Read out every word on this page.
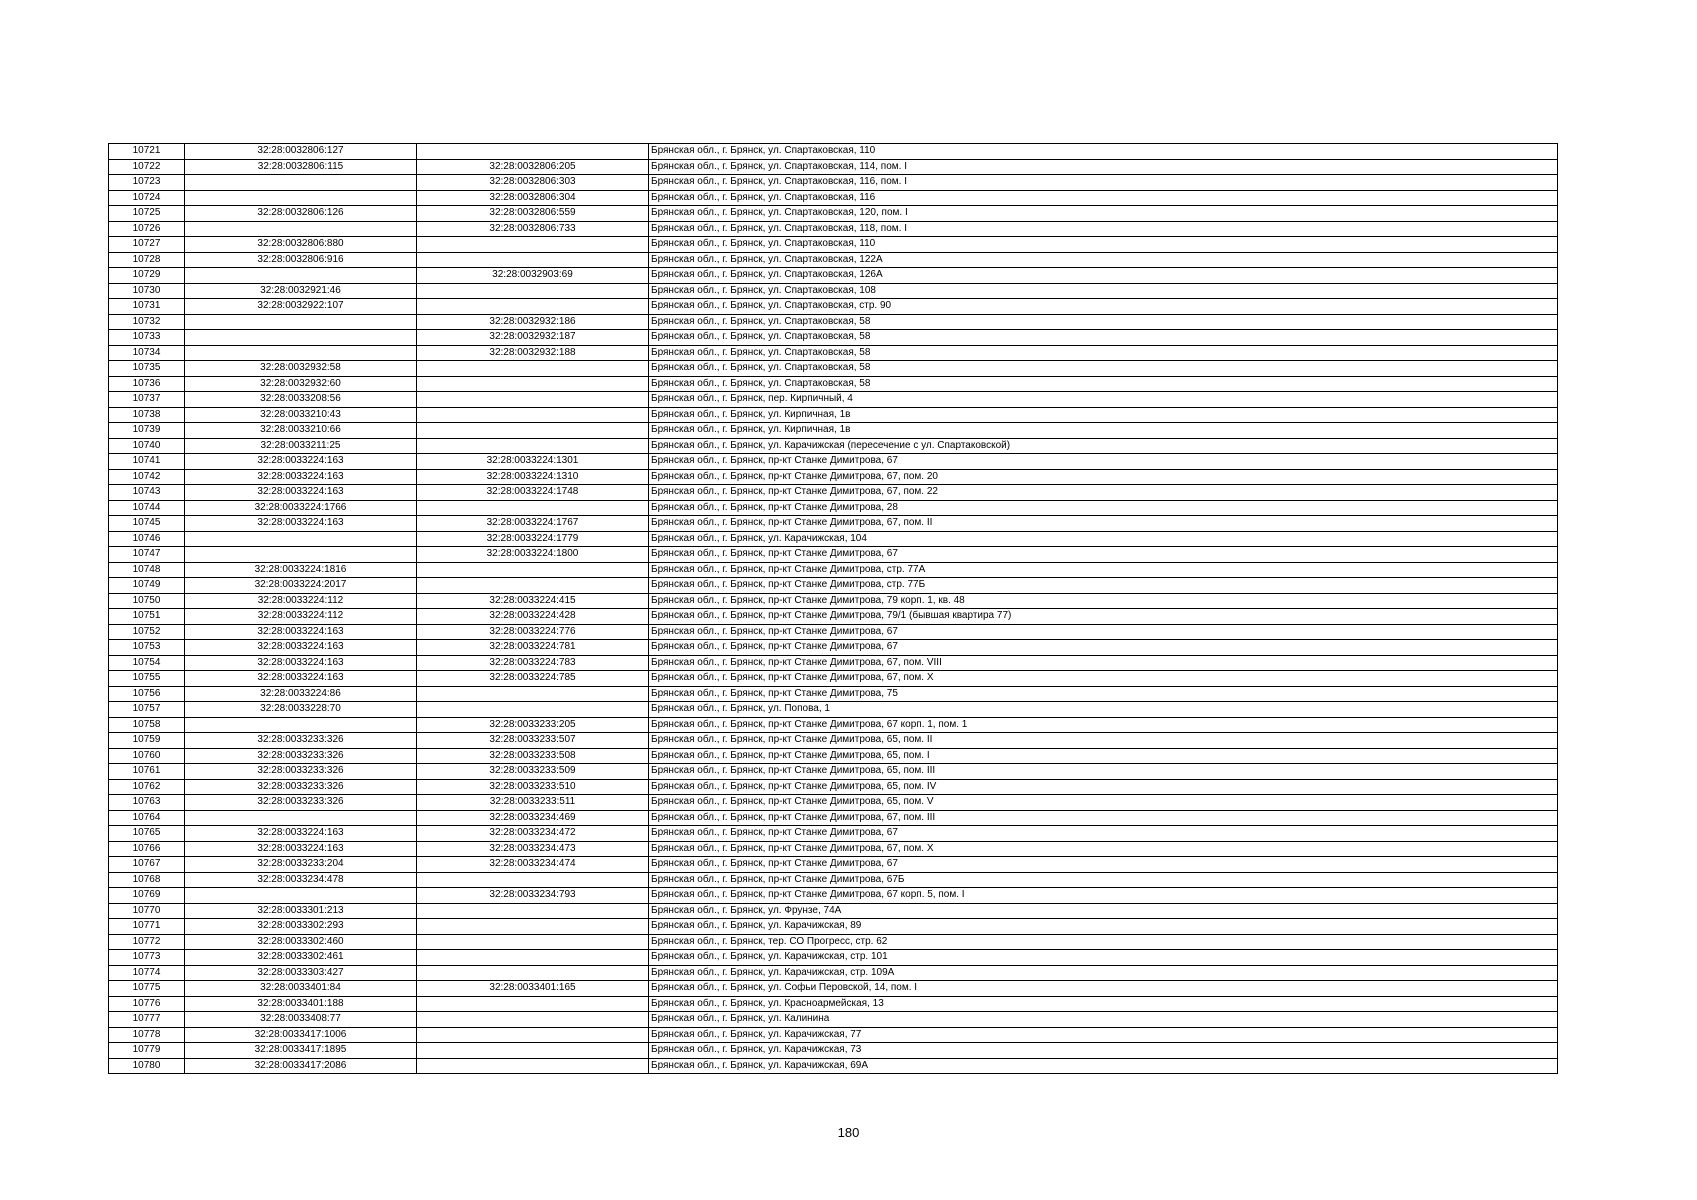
10721	32:28:0032806:127		Брянская обл., г. Брянск, ул. Спартаковская, 110
10722	32:28:0032806:115	32:28:0032806:205	Брянская обл., г. Брянск, ул. Спартаковская, 114, пом. I
10723		32:28:0032806:303	Брянская обл., г. Брянск, ул. Спартаковская, 116, пом. I
10724		32:28:0032806:304	Брянская обл., г. Брянск, ул. Спартаковская, 116
10725	32:28:0032806:126	32:28:0032806:559	Брянская обл., г. Брянск, ул. Спартаковская, 120, пом. I
10726		32:28:0032806:733	Брянская обл., г. Брянск, ул. Спартаковская, 118, пом. I
10727	32:28:0032806:880		Брянская обл., г. Брянск, ул. Спартаковская, 110
10728	32:28:0032806:916		Брянская обл., г. Брянск, ул. Спартаковская, 122А
10729		32:28:0032903:69	Брянская обл., г. Брянск, ул. Спартаковская, 126А
10730	32:28:0032921:46		Брянская обл., г. Брянск, ул. Спартаковская, 108
10731	32:28:0032922:107		Брянская обл., г. Брянск, ул. Спартаковская, стр. 90
10732		32:28:0032932:186	Брянская обл., г. Брянск, ул. Спартаковская, 58
10733		32:28:0032932:187	Брянская обл., г. Брянск, ул. Спартаковская, 58
10734		32:28:0032932:188	Брянская обл., г. Брянск, ул. Спартаковская, 58
10735	32:28:0032932:58		Брянская обл., г. Брянск, ул. Спартаковская, 58
10736	32:28:0032932:60		Брянская обл., г. Брянск, ул. Спартаковская, 58
10737	32:28:0033208:56		Брянская обл., г. Брянск, пер. Кирпичный, 4
10738	32:28:0033210:43		Брянская обл., г. Брянск, ул. Кирпичная, 1в
10739	32:28:0033210:66		Брянская обл., г. Брянск, ул. Кирпичная, 1в
10740	32:28:0033211:25		Брянская обл., г. Брянск, ул. Карачижская (пересечение с ул. Спартаковской)
10741	32:28:0033224:163	32:28:0033224:1301	Брянская обл., г. Брянск, пр-кт Станке Димитрова, 67
10742	32:28:0033224:163	32:28:0033224:1310	Брянская обл., г. Брянск, пр-кт Станке Димитрова, 67, пом. 20
10743	32:28:0033224:163	32:28:0033224:1748	Брянская обл., г. Брянск, пр-кт Станке Димитрова, 67, пом. 22
10744	32:28:0033224:1766		Брянская обл., г. Брянск, пр-кт Станке Димитрова, 28
10745	32:28:0033224:163	32:28:0033224:1767	Брянская обл., г. Брянск, пр-кт Станке Димитрова, 67, пом. II
10746		32:28:0033224:1779	Брянская обл., г. Брянск, ул. Карачижская, 104
10747		32:28:0033224:1800	Брянская обл., г. Брянск, пр-кт Станке Димитрова, 67
10748	32:28:0033224:1816		Брянская обл., г. Брянск, пр-кт Станке Димитрова, стр. 77А
10749	32:28:0033224:2017		Брянская обл., г. Брянск, пр-кт Станке Димитрова, стр. 77Б
10750	32:28:0033224:112	32:28:0033224:415	Брянская обл., г. Брянск, пр-кт Станке Димитрова, 79 корп. 1, кв. 48
10751	32:28:0033224:112	32:28:0033224:428	Брянская обл., г. Брянск, пр-кт Станке Димитрова, 79/1 (бывшая квартира 77)
10752	32:28:0033224:163	32:28:0033224:776	Брянская обл., г. Брянск, пр-кт Станке Димитрова, 67
10753	32:28:0033224:163	32:28:0033224:781	Брянская обл., г. Брянск, пр-кт Станке Димитрова, 67
10754	32:28:0033224:163	32:28:0033224:783	Брянская обл., г. Брянск, пр-кт Станке Димитрова, 67, пом. VIII
10755	32:28:0033224:163	32:28:0033224:785	Брянская обл., г. Брянск, пр-кт Станке Димитрова, 67, пом. X
10756	32:28:0033224:86		Брянская обл., г. Брянск, пр-кт Станке Димитрова, 75
10757	32:28:0033228:70		Брянская обл., г. Брянск, ул. Попова, 1
10758		32:28:0033233:205	Брянская обл., г. Брянск, пр-кт Станке Димитрова, 67 корп. 1, пом. 1
10759	32:28:0033233:326	32:28:0033233:507	Брянская обл., г. Брянск, пр-кт Станке Димитрова, 65, пом. II
10760	32:28:0033233:326	32:28:0033233:508	Брянская обл., г. Брянск, пр-кт Станке Димитрова, 65, пом. I
10761	32:28:0033233:326	32:28:0033233:509	Брянская обл., г. Брянск, пр-кт Станке Димитрова, 65, пом. III
10762	32:28:0033233:326	32:28:0033233:510	Брянская обл., г. Брянск, пр-кт Станке Димитрова, 65, пом. IV
10763	32:28:0033233:326	32:28:0033233:511	Брянская обл., г. Брянск, пр-кт Станке Димитрова, 65, пом. V
10764		32:28:0033234:469	Брянская обл., г. Брянск, пр-кт Станке Димитрова, 67, пом. III
10765	32:28:0033224:163	32:28:0033234:472	Брянская обл., г. Брянск, пр-кт Станке Димитрова, 67
10766	32:28:0033224:163	32:28:0033234:473	Брянская обл., г. Брянск, пр-кт Станке Димитрова, 67, пом. X
10767	32:28:0033233:204	32:28:0033234:474	Брянская обл., г. Брянск, пр-кт Станке Димитрова, 67
10768	32:28:0033234:478		Брянская обл., г. Брянск, пр-кт Станке Димитрова, 67Б
10769		32:28:0033234:793	Брянская обл., г. Брянск, пр-кт Станке Димитрова, 67 корп. 5, пом. I
10770	32:28:0033301:213		Брянская обл., г. Брянск, ул. Фрунзе, 74А
10771	32:28:0033302:293		Брянская обл., г. Брянск, ул. Карачижская, 89
10772	32:28:0033302:460		Брянская обл., г. Брянск, тер. СО Прогресс, стр. 62
10773	32:28:0033302:461		Брянская обл., г. Брянск, ул. Карачижская, стр. 101
10774	32:28:0033303:427		Брянская обл., г. Брянск, ул. Карачижская, стр. 109А
10775	32:28:0033401:84	32:28:0033401:165	Брянская обл., г. Брянск, ул. Софьи Перовской, 14, пом. I
10776	32:28:0033401:188		Брянская обл., г. Брянск, ул. Красноармейская, 13
10777	32:28:0033408:77		Брянская обл., г. Брянск, ул. Калинина
10778	32:28:0033417:1006		Брянская обл., г. Брянск, ул. Карачижская, 77
10779	32:28:0033417:1895		Брянская обл., г. Брянск, ул. Карачижская, 73
10780	32:28:0033417:2086		Брянская обл., г. Брянск, ул. Карачижская, 69А
180
